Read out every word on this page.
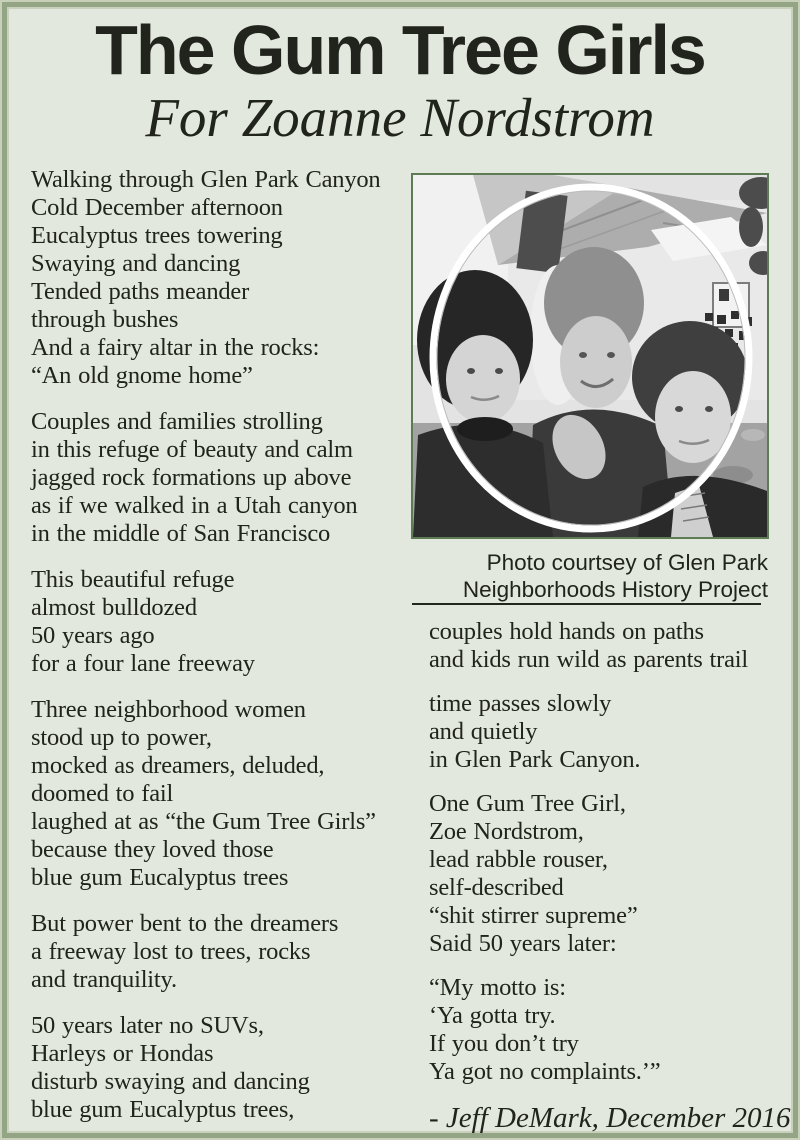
The Gum Tree Girls
For Zoanne Nordstrom
Photo courtsey of Glen Park
Neighborhoods History Project
Walking through Glen Park Canyon
Cold December afternoon
Eucalyptus trees towering
Swaying and dancing
Tended paths meander
through bushes
And a fairy altar in the rocks:
“An old gnome home”
Couples and families strolling
in this refuge of beauty and calm
jagged rock formations up above
as if we walked in a Utah canyon
in the middle of San Francisco
This beautiful refuge
almost bulldozed
50 years ago
for a four lane freeway
Three neighborhood women
stood up to power,
mocked as dreamers, deluded,
doomed to fail
laughed at as “the Gum Tree Girls”
because they loved those
blue gum Eucalyptus trees
But power bent to the dreamers
a freeway lost to trees, rocks
and tranquility.
50 years later no SUVs,
Harleys or Hondas
disturb swaying and dancing
blue gum Eucalyptus trees,
couples hold hands on paths
and kids run wild as parents trail
time passes slowly
and quietly
in Glen Park Canyon.
One Gum Tree Girl,
Zoe Nordstrom,
lead rabble rouser,
self-described
“shit stirrer supreme”
Said 50 years later:
“My motto is:
‘Ya gotta try.
If you don’t try
Ya got no complaints.’”
- Jeff DeMark, December 2016
